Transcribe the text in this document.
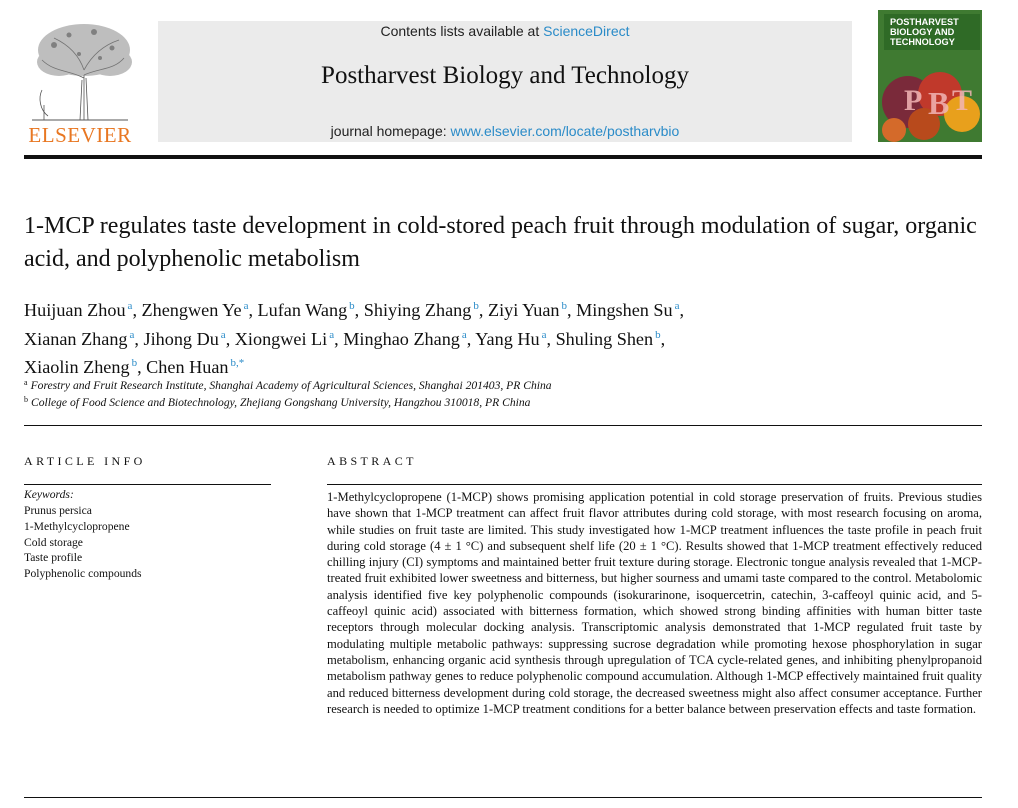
ELSEVIER
Contents lists available at ScienceDirect
Postharvest Biology and Technology
journal homepage: www.elsevier.com/locate/postharvbio
P B T
POSTHARVEST BIOLOGY AND TECHNOLOGY
1-MCP regulates taste development in cold-stored peach fruit through modulation of sugar, organic acid, and polyphenolic metabolism
Huijuan Zhou $^a$, Zhengwen Ye $^a$, Lufan Wang $^b$, Shiying Zhang $^b$, Ziyi Yuan $^b$, Mingshen Su $^a$,
Xianan Zhang $^a$, Jihong Du $^a$, Xiongwei Li $^a$, Minghao Zhang $^a$, Yang Hu $^a$, Shuling Shen $^b$,
Xiaolin Zheng $^b$, Chen Huan $^{b,*}$
$^a$ Forestry and Fruit Research Institute, Shanghai Academy of Agricultural Sciences, Shanghai 201403, PR China
$^b$ College of Food Science and Biotechnology, Zhejiang Gongshang University, Hangzhou 310018, PR China
ARTICLE INFO
Keywords:
Prunus persica
1-Methylcyclopropene
Cold storage
Taste profile
Polyphenolic compounds
ABSTRACT
1-Methylcyclopropene (1-MCP) shows promising application potential in cold storage preservation of fruits. Previous studies have shown that 1-MCP treatment can affect fruit flavor attributes during cold storage, with most research focusing on aroma, while studies on fruit taste are limited. This study investigated how 1-MCP treatment influences the taste profile in peach fruit during cold storage (4 ± 1 °C) and subsequent shelf life (20 ± 1 °C). Results showed that 1-MCP treatment effectively reduced chilling injury (CI) symptoms and maintained better fruit texture during storage. Electronic tongue analysis revealed that 1-MCP-treated fruit exhibited lower sweetness and bitterness, but higher sourness and umami taste compared to the control. Metabolomic analysis identified five key polyphenolic compounds (isokurarinone, isoquercetrin, catechin, 3-caffeoyl quinic acid, and 5-caffeoyl quinic acid) associated with bitterness formation, which showed strong binding affinities with human bitter taste receptors through molecular docking analysis. Transcriptomic analysis demonstrated that 1-MCP regulated fruit taste by modulating multiple metabolic pathways: suppressing sucrose degradation while promoting hexose phosphorylation in sugar metabolism, enhancing organic acid synthesis through upregulation of TCA cycle-related genes, and inhibiting phenylpropanoid metabolism pathway genes to reduce polyphenolic compound accumulation. Although 1-MCP effectively maintained fruit quality and reduced bitterness development during cold storage, the decreased sweetness might also affect consumer acceptance. Further research is needed to optimize 1-MCP treatment conditions for a better balance between preservation effects and taste formation.
